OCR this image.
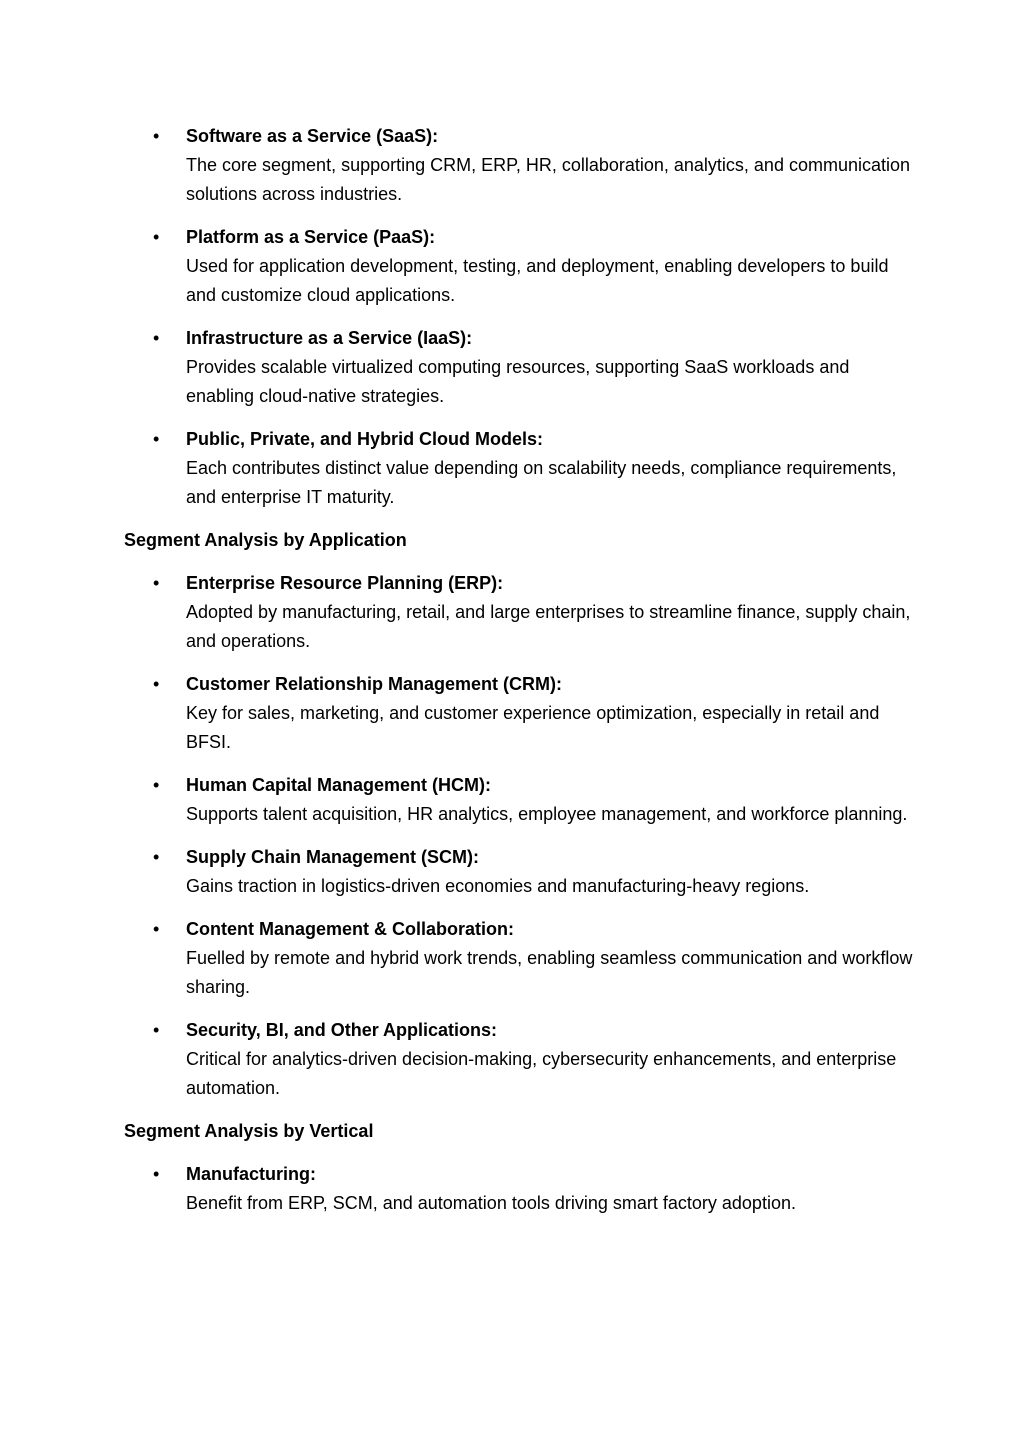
• Software as a Service (SaaS):
The core segment, supporting CRM, ERP, HR, collaboration, analytics, and communication solutions across industries.
• Platform as a Service (PaaS):
Used for application development, testing, and deployment, enabling developers to build and customize cloud applications.
• Infrastructure as a Service (IaaS):
Provides scalable virtualized computing resources, supporting SaaS workloads and enabling cloud-native strategies.
• Public, Private, and Hybrid Cloud Models:
Each contributes distinct value depending on scalability needs, compliance requirements, and enterprise IT maturity.

Segment Analysis by Application

• Enterprise Resource Planning (ERP):
Adopted by manufacturing, retail, and large enterprises to streamline finance, supply chain, and operations.
• Customer Relationship Management (CRM):
Key for sales, marketing, and customer experience optimization, especially in retail and BFSI.
• Human Capital Management (HCM):
Supports talent acquisition, HR analytics, employee management, and workforce planning.
• Supply Chain Management (SCM):
Gains traction in logistics-driven economies and manufacturing-heavy regions.
• Content Management & Collaboration:
Fuelled by remote and hybrid work trends, enabling seamless communication and workflow sharing.
• Security, BI, and Other Applications:
Critical for analytics-driven decision-making, cybersecurity enhancements, and enterprise automation.

Segment Analysis by Vertical

• Manufacturing:
Benefit from ERP, SCM, and automation tools driving smart factory adoption.
